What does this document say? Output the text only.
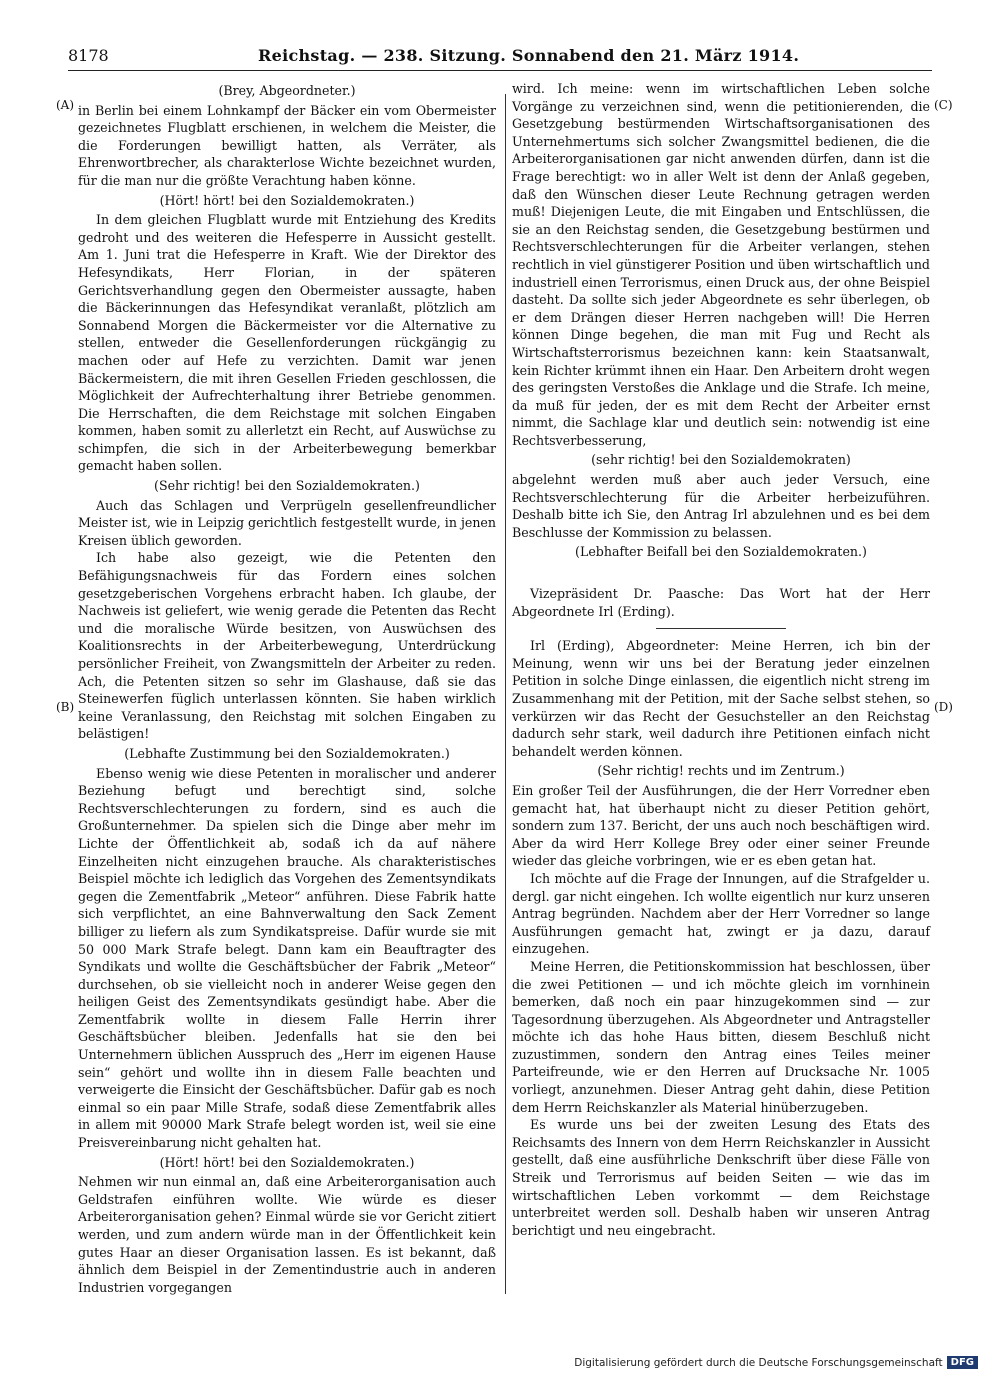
8178	Reichstag. — 238. Sitzung. Sonnabend den 21. März 1914.
(A)
(B)
(C)
(D)
(Brey, Abgeordneter.)

in Berlin bei einem Lohnkampf der Bäcker ein vom Obermeister gezeichnetes Flugblatt erschienen, in welchem die Meister, die die Forderungen bewilligt hatten, als Verräter, als Ehrenwortbrecher, als charakterlose Wichte bezeichnet wurden, für die man nur die größte Verachtung haben könne.

(Hört! hört! bei den Sozialdemokraten.)

In dem gleichen Flugblatt wurde mit Entziehung des Kredits gedroht und des weiteren die Hefesperre in Aussicht gestellt. Am 1. Juni trat die Hefesperre in Kraft. Wie der Direktor des Hefesyndikats, Herr Florian, in der späteren Gerichtsverhandlung gegen den Obermeister aussagte, haben die Bäckerinnungen das Hefesyndikat veranlaßt, plötzlich am Sonnabend Morgen die Bäckermeister vor die Alternative zu stellen, entweder die Gesellenforderungen rückgängig zu machen oder auf Hefe zu verzichten. Damit war jenen Bäckermeistern, die mit ihren Gesellen Frieden geschlossen, die Möglichkeit der Aufrechterhaltung ihrer Betriebe genommen. Die Herrschaften, die dem Reichstage mit solchen Eingaben kommen, haben somit zu allerletzt ein Recht, auf Auswüchse zu schimpfen, die sich in der Arbeiterbewegung bemerkbar gemacht haben sollen.

(Sehr richtig! bei den Sozialdemokraten.)

Auch das Schlagen und Verprügeln gesellenfreundlicher Meister ist, wie in Leipzig gerichtlich festgestellt wurde, in jenen Kreisen üblich geworden.

Ich habe also gezeigt, wie die Petenten den Befähigungsnachweis für das Fordern eines solchen gesetzgeberischen Vorgehens erbracht haben. Ich glaube, der Nachweis ist geliefert, wie wenig gerade die Petenten das Recht und die moralische Würde besitzen, von Auswüchsen des Koalitionsrechts in der Arbeiterbewegung, Unterdrückung persönlicher Freiheit, von Zwangsmitteln der Arbeiter zu reden. Ach, die Petenten sitzen so sehr im Glashause, daß sie das Steinewerfen füglich unterlassen könnten. Sie haben wirklich keine Veranlassung, den Reichstag mit solchen Eingaben zu belästigen!

(Lebhafte Zustimmung bei den Sozialdemokraten.)

Ebenso wenig wie diese Petenten in moralischer und anderer Beziehung befugt und berechtigt sind, solche Rechtsverschlechterungen zu fordern, sind es auch die Großunternehmer. Da spielen sich die Dinge aber mehr im Lichte der Öffentlichkeit ab, sodaß ich da auf nähere Einzelheiten nicht einzugehen brauche. Als charakteristisches Beispiel möchte ich lediglich das Vorgehen des Zementsyndikats gegen die Zementfabrik „Meteor“ anführen. Diese Fabrik hatte sich verpflichtet, an eine Bahnverwaltung den Sack Zement billiger zu liefern als zum Syndikatspreise. Dafür wurde sie mit 50 000 Mark Strafe belegt. Dann kam ein Beauftragter des Syndikats und wollte die Geschäftsbücher der Fabrik „Meteor“ durchsehen, ob sie vielleicht noch in anderer Weise gegen den heiligen Geist des Zementsyndikats gesündigt habe. Aber die Zementfabrik wollte in diesem Falle Herrin ihrer Geschäftsbücher bleiben. Jedenfalls hat sie den bei Unternehmern üblichen Ausspruch des „Herr im eigenen Hause sein“ gehört und wollte ihn in diesem Falle beachten und verweigerte die Einsicht der Geschäftsbücher. Dafür gab es noch einmal so ein paar Mille Strafe, sodaß diese Zementfabrik alles in allem mit 90000 Mark Strafe belegt worden ist, weil sie eine Preisvereinbarung nicht gehalten hat.

(Hört! hört! bei den Sozialdemokraten.)

Nehmen wir nun einmal an, daß eine Arbeiterorganisation auch Geldstrafen einführen wollte. Wie würde es dieser Arbeiterorganisation gehen? Einmal würde sie vor Gericht zitiert werden, und zum andern würde man in der Öffentlichkeit kein gutes Haar an dieser Organisation lassen. Es ist bekannt, daß ähnlich dem Beispiel in der Zementindustrie auch in anderen Industrien vorgegangen

wird. Ich meine: wenn im wirtschaftlichen Leben solche Vorgänge zu verzeichnen sind, wenn die petitionierenden, die Gesetzgebung bestürmenden Wirtschaftsorganisationen des Unternehmertums sich solcher Zwangsmittel bedienen, die die Arbeiterorganisationen gar nicht anwenden dürfen, dann ist die Frage berechtigt: wo in aller Welt ist denn der Anlaß gegeben, daß den Wünschen dieser Leute Rechnung getragen werden muß! Diejenigen Leute, die mit Eingaben und Entschlüssen, die sie an den Reichstag senden, die Gesetzgebung bestürmen und Rechtsverschlechterungen für die Arbeiter verlangen, stehen rechtlich in viel günstigerer Position und üben wirtschaftlich und industriell einen Terrorismus, einen Druck aus, der ohne Beispiel dasteht. Da sollte sich jeder Abgeordnete es sehr überlegen, ob er dem Drängen dieser Herren nachgeben will! Die Herren können Dinge begehen, die man mit Fug und Recht als Wirtschaftsterrorismus bezeichnen kann: kein Staatsanwalt, kein Richter krümmt ihnen ein Haar. Den Arbeitern droht wegen des geringsten Verstoßes die Anklage und die Strafe. Ich meine, da muß für jeden, der es mit dem Recht der Arbeiter ernst nimmt, die Sachlage klar und deutlich sein: notwendig ist eine Rechtsverbesserung,

(sehr richtig! bei den Sozialdemokraten)

abgelehnt werden muß aber auch jeder Versuch, eine Rechtsverschlechterung für die Arbeiter herbeizuführen. Deshalb bitte ich Sie, den Antrag Irl abzulehnen und es bei dem Beschlusse der Kommission zu belassen.

(Lebhafter Beifall bei den Sozialdemokraten.)

Vizepräsident Dr. Paasche: Das Wort hat der Herr Abgeordnete Irl (Erding).

Irl (Erding), Abgeordneter: Meine Herren, ich bin der Meinung, wenn wir uns bei der Beratung jeder einzelnen Petition in solche Dinge einlassen, die eigentlich nicht streng im Zusammenhang mit der Petition, mit der Sache selbst stehen, so verkürzen wir das Recht der Gesuchsteller an den Reichstag dadurch sehr stark, weil dadurch ihre Petitionen einfach nicht behandelt werden können.

(Sehr richtig! rechts und im Zentrum.)

Ein großer Teil der Ausführungen, die der Herr Vorredner eben gemacht hat, hat überhaupt nicht zu dieser Petition gehört, sondern zum 137. Bericht, der uns auch noch beschäftigen wird. Aber da wird Herr Kollege Brey oder einer seiner Freunde wieder das gleiche vorbringen, wie er es eben getan hat.

Ich möchte auf die Frage der Innungen, auf die Strafgelder u. dergl. gar nicht eingehen. Ich wollte eigentlich nur kurz unseren Antrag begründen. Nachdem aber der Herr Vorredner so lange Ausführungen gemacht hat, zwingt er ja dazu, darauf einzugehen.

Meine Herren, die Petitionskommission hat beschlossen, über die zwei Petitionen — und ich möchte gleich im vornhinein bemerken, daß noch ein paar hinzugekommen sind — zur Tagesordnung überzugehen. Als Abgeordneter und Antragsteller möchte ich das hohe Haus bitten, diesem Beschluß nicht zuzustimmen, sondern den Antrag eines Teiles meiner Parteifreunde, wie er den Herren auf Drucksache Nr. 1005 vorliegt, anzunehmen. Dieser Antrag geht dahin, diese Petition dem Herrn Reichskanzler als Material hinüberzugeben.

Es wurde uns bei der zweiten Lesung des Etats des Reichsamts des Innern von dem Herrn Reichskanzler in Aussicht gestellt, daß eine ausführliche Denkschrift über diese Fälle von Streik und Terrorismus auf beiden Seiten — wie das im wirtschaftlichen Leben vorkommt — dem Reichstage unterbreitet werden soll. Deshalb haben wir unseren Antrag berichtigt und neu eingebracht.

Digitalisierung gefördert durch die Deutsche Forschungsgemeinschaft DFG
